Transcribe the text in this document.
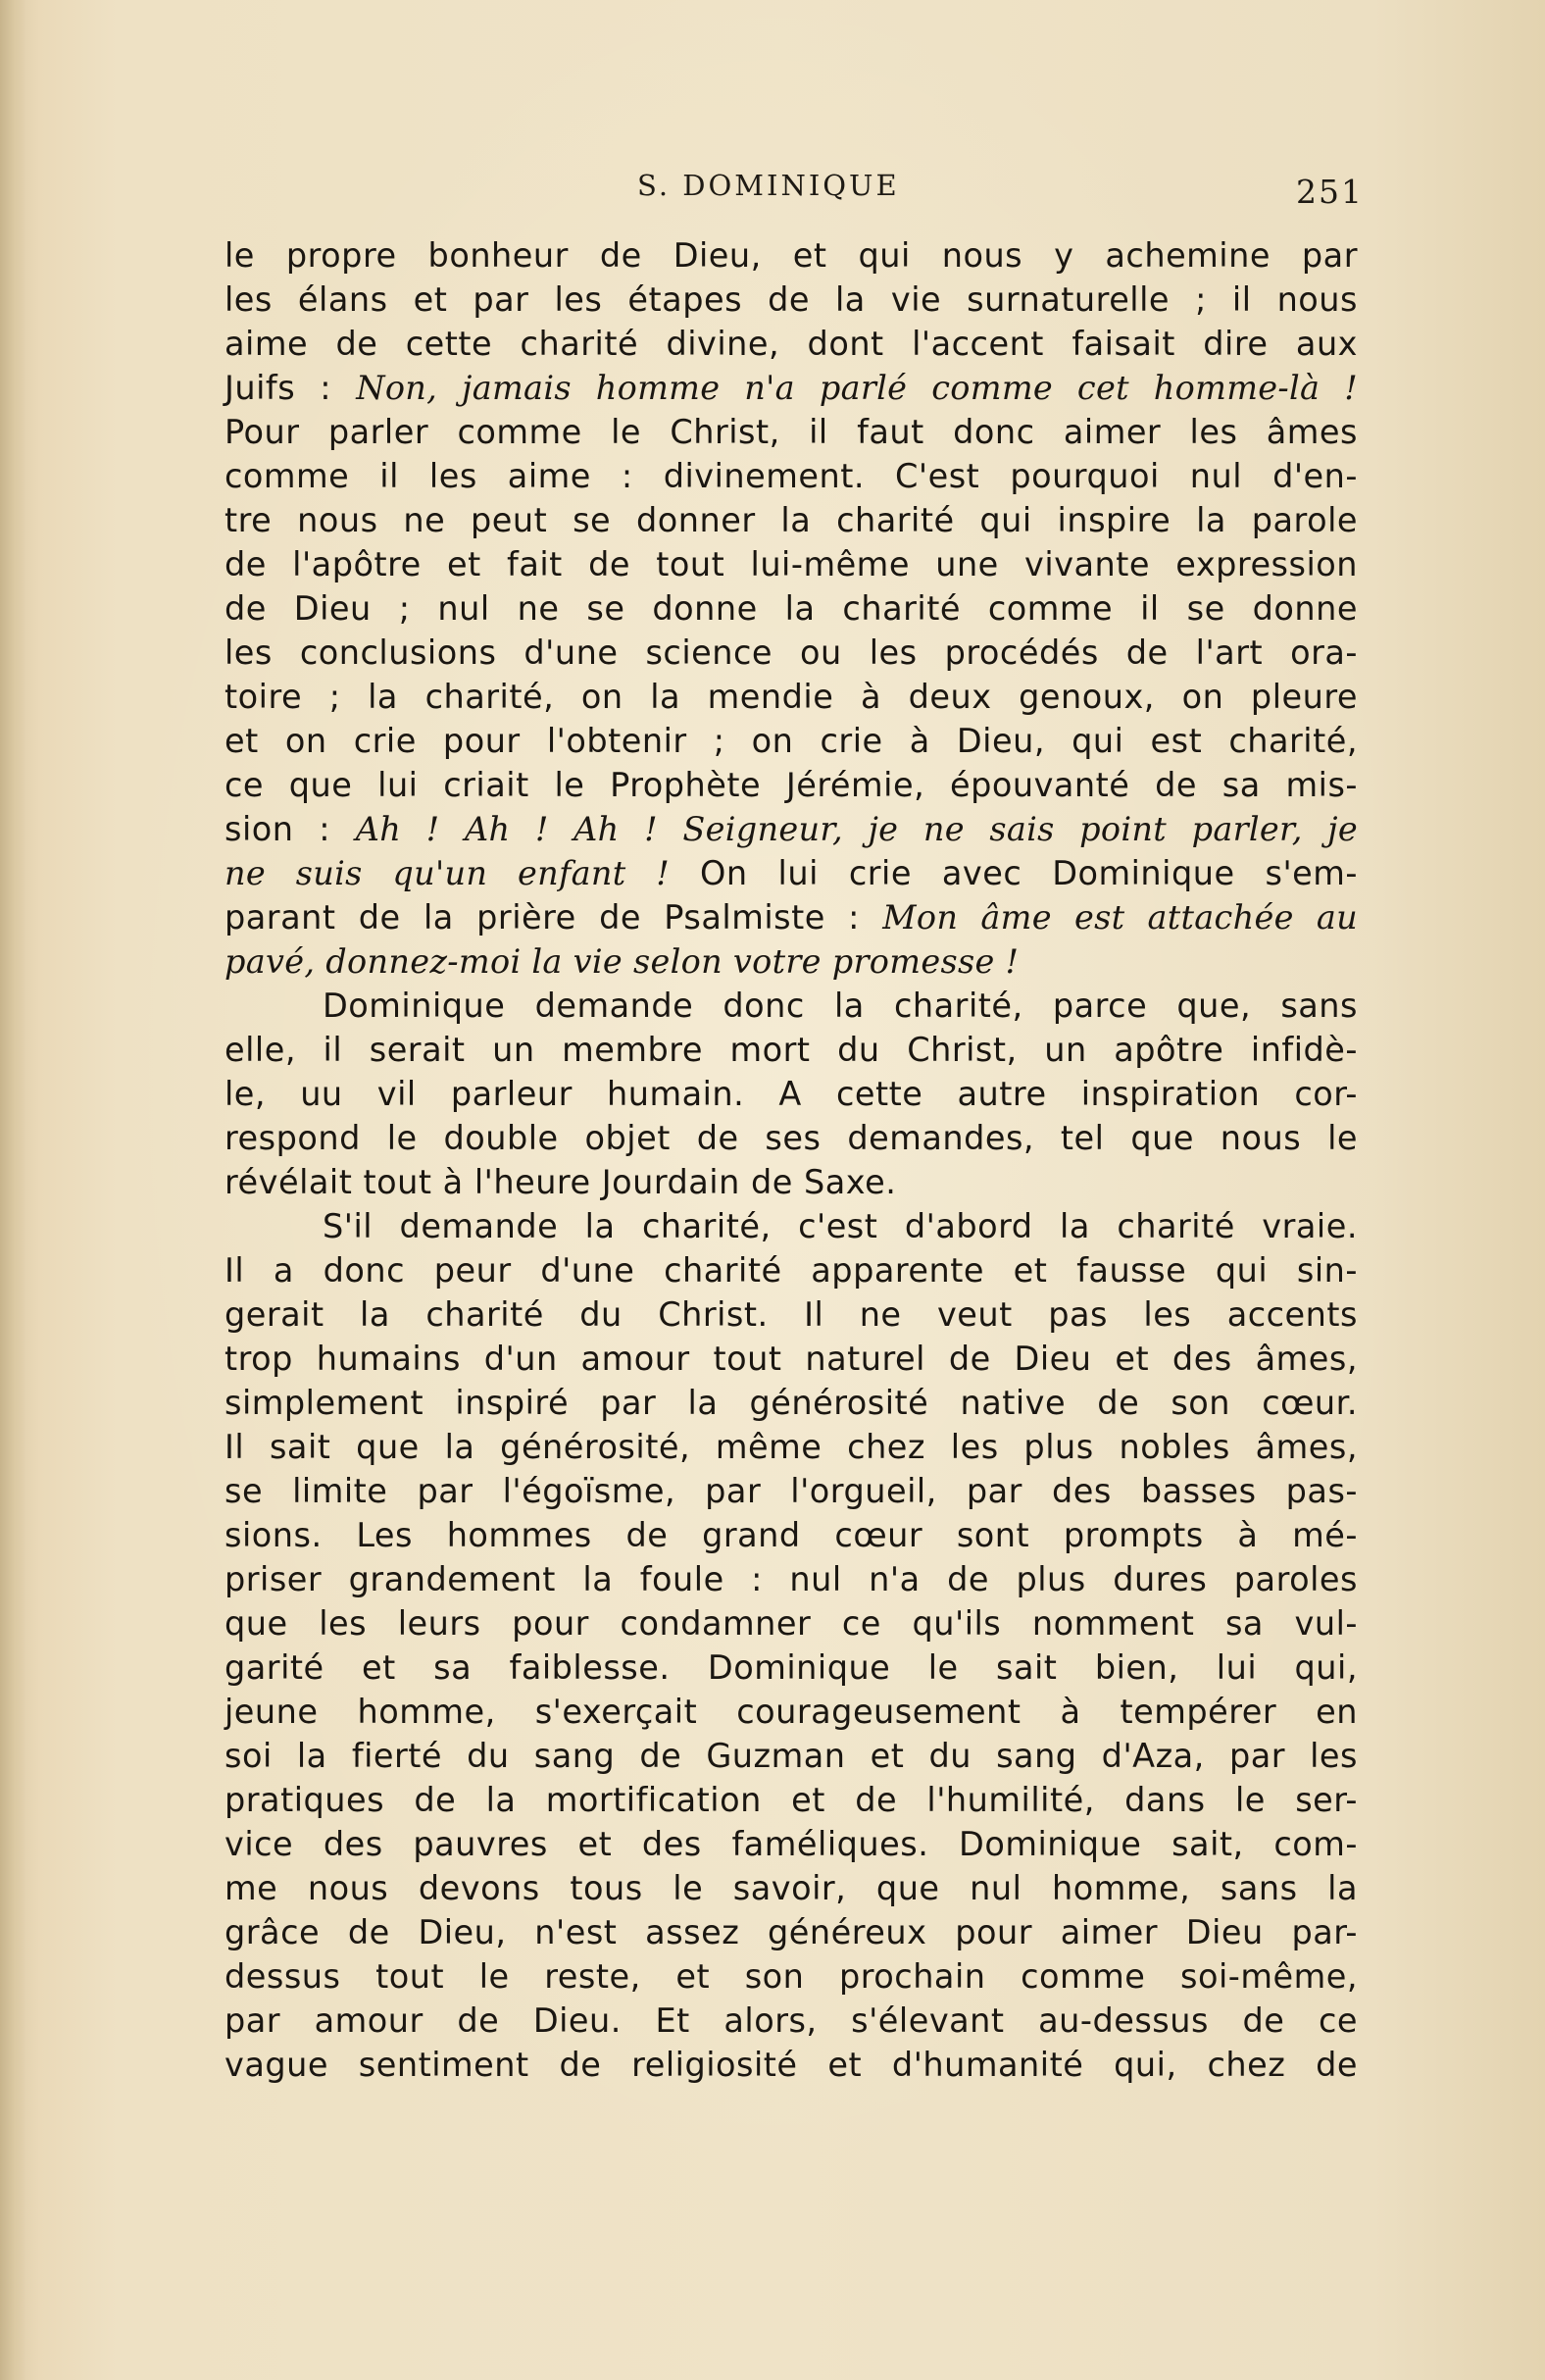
S. DOMINIQUE	251
le propre bonheur de Dieu, et qui nous y achemine par
les élans et par les étapes de la vie surnaturelle ; il nous
aime de cette charité divine, dont l'accent faisait dire aux
Juifs : Non, jamais homme n'a parlé comme cet homme-là !
Pour parler comme le Christ, il faut donc aimer les âmes
comme il les aime : divinement. C'est pourquoi nul d'en-
tre nous ne peut se donner la charité qui inspire la parole
de l'apôtre et fait de tout lui-même une vivante expression
de Dieu ; nul ne se donne la charité comme il se donne
les conclusions d'une science ou les procédés de l'art ora-
toire ; la charité, on la mendie à deux genoux, on pleure
et on crie pour l'obtenir ; on crie à Dieu, qui est charité,
ce que lui criait le Prophète Jérémie, épouvanté de sa mis-
sion : Ah ! Ah ! Ah ! Seigneur, je ne sais point parler, je
ne suis qu'un enfant ! On lui crie avec Dominique s'em-
parant de la prière de Psalmiste : Mon âme est attachée au
pavé, donnez-moi la vie selon votre promesse !
Dominique demande donc la charité, parce que, sans
elle, il serait un membre mort du Christ, un apôtre infidè-
le, uu vil parleur humain. A cette autre inspiration cor-
respond le double objet de ses demandes, tel que nous le
révélait tout à l'heure Jourdain de Saxe.
S'il demande la charité, c'est d'abord la charité vraie.
Il a donc peur d'une charité apparente et fausse qui sin-
gerait la charité du Christ. Il ne veut pas les accents
trop humains d'un amour tout naturel de Dieu et des âmes,
simplement inspiré par la générosité native de son cœur.
Il sait que la générosité, même chez les plus nobles âmes,
se limite par l'égoïsme, par l'orgueil, par des basses pas-
sions. Les hommes de grand cœur sont prompts à mé-
priser grandement la foule : nul n'a de plus dures paroles
que les leurs pour condamner ce qu'ils nomment sa vul-
garité et sa faiblesse. Dominique le sait bien, lui qui,
jeune homme, s'exerçait courageusement à tempérer en
soi la fierté du sang de Guzman et du sang d'Aza, par les
pratiques de la mortification et de l'humilité, dans le ser-
vice des pauvres et des faméliques. Dominique sait, com-
me nous devons tous le savoir, que nul homme, sans la
grâce de Dieu, n'est assez généreux pour aimer Dieu par-
dessus tout le reste, et son prochain comme soi-même,
par amour de Dieu. Et alors, s'élevant au-dessus de ce
vague sentiment de religiosité et d'humanité qui, chez de
